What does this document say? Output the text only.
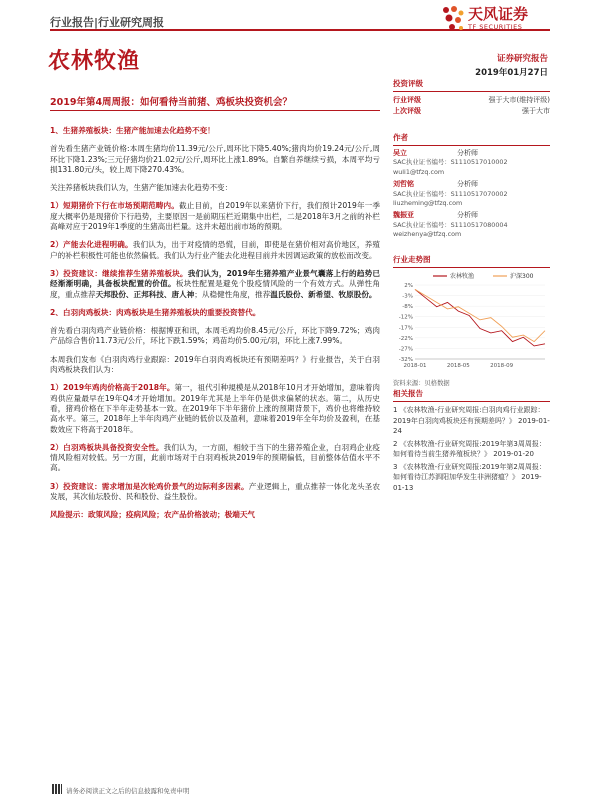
行业报告|行业研究周报
农林牧渔
天风证券
TF SECURITIES
证券研究报告
2019年01月27日
2019年第4周周报：如何看待当前猪、鸡板块投资机会？

1、生猪养殖板块：生猪产能加速去化趋势不变！

首先看生猪产业链价格:本周生猪均价11.39元/公斤,周环比下降5.40%;猪肉均价19.24元/公斤,周环比下降1.23%;三元仔猪均价21.02元/公斤,周环比上涨1.89%。自繁自养继续亏损，本周平均亏损131.80元/头，较上周下降270.43%。

关注养猪板块我们认为，生猪产能加速去化趋势不变：

1）短期猪价下行在市场预期范畴内。截止目前，自2019年以来猪价下行，我们预计2019年一季度大概率仍是现猪价下行趋势，主要原因一是前期压栏近期集中出栏，二是2018年3月之前的补栏高峰对应于2019年1季度的生猪高出栏量。这并未超出前市场的预期。

2）产能去化进程明确。我们认为，出于对疫情的恐慌，目前，即使是在猪价相对高价地区，养殖户的补栏积极性可能也依然偏低。我们认为行业产能去化进程目前并未因调运政策的放松而改变。

3）投资建议：继续推荐生猪养殖板块。我们认为，2019年生猪养殖产业景气囊落上行的趋势已经渐渐明确，具备板块配置的价值。板块性配置是避免个股疫情风险的一个有效方式。从弹性角度，重点推荐天邦股份、正邦科技、唐人神；从稳健性角度，推荐温氏股份、新希望、牧原股份。

2、白羽肉鸡板块：肉鸡板块是生猪养殖板块的重要投资替代。

首先看白羽肉鸡产业链价格：根据博亚和讯，本周毛鸡均价8.45元/公斤，环比下降9.72%；鸡肉产品综合售价11.73元/公斤，环比下跌1.59%；鸡苗均价5.00元/羽，环比上涨7.99%。

本周我们发布《白羽肉鸡行业跟踪：2019年白羽肉鸡板块还有预期差吗？》行业报告，关于白羽肉鸡板块我们认为：

1）2019年鸡肉价格高于2018年。第一，祖代引种規模是从2018年10月才开始增加，意味着肉鸡供应量最早在19年Q4才开始增加。2019年尤其是上半年仍是供求偏紧的状态。第二，从历史看，猪鸡价格在下半年走势基本一致。在2019年下半年猪价上涨的预期背景下，鸡价也将维持较高水平。第三，2018年上半年肉鸡产业链的低价以及盈利，意味着2019年全年均价及盈利，在基数效应下将高于2018年。

2）白羽鸡板块具备投资安全性。我们认为，一方面，相较于当下的生猪养殖企业，白羽鸡企业疫情风险相对较低。另一方面，此前市场对于白羽鸡板块2019年的预期偏低，目前整体估值水平不高。

3）投资建议：需求增加是次轮鸡价景气的边际利多因素。产业逻辑上，重点推荐一体化龙头圣农发展，其次仙坛股份、民和股份、益生股份。

风险提示：政策风险；疫病风险；农产品价格波动；极端天气

投资评级
行业评级	强于大市(维持评级)
上次评级	强于大市
作者
吴立	分析师
SAC执业证书编号：S1110517010002
wuli1@tfzq.com
刘哲铭	分析师
SAC执业证书编号：S1110517070002
liuzheming@tfzq.com
魏振亚	分析师
SAC执业证书编号：S1110517080004
weizhenya@tfzq.com
行业走势图
2%
-3%
-8%
-12%
-17%
-22%
-27%
-32%
2018-01	2018-05	2018-09
农林牧渔	沪深300
资料来源：贝格数据
相关报告
1 《农林牧渔-行业研究周报:白羽肉鸡行业跟踪：2019年白羽肉鸡板块还有预期差吗？》 2019-01-24
2 《农林牧渔-行业研究周报:2019年第3周周报：如何看待当前生猪养殖板块？》 2019-01-20
3 《农林牧渔-行业研究周报:2019年第2周周报：如何看待江苏泗阳加华发生非洲猪瘟？》 2019-01-13
请务必阅读正文之后的信息披露和免责申明
